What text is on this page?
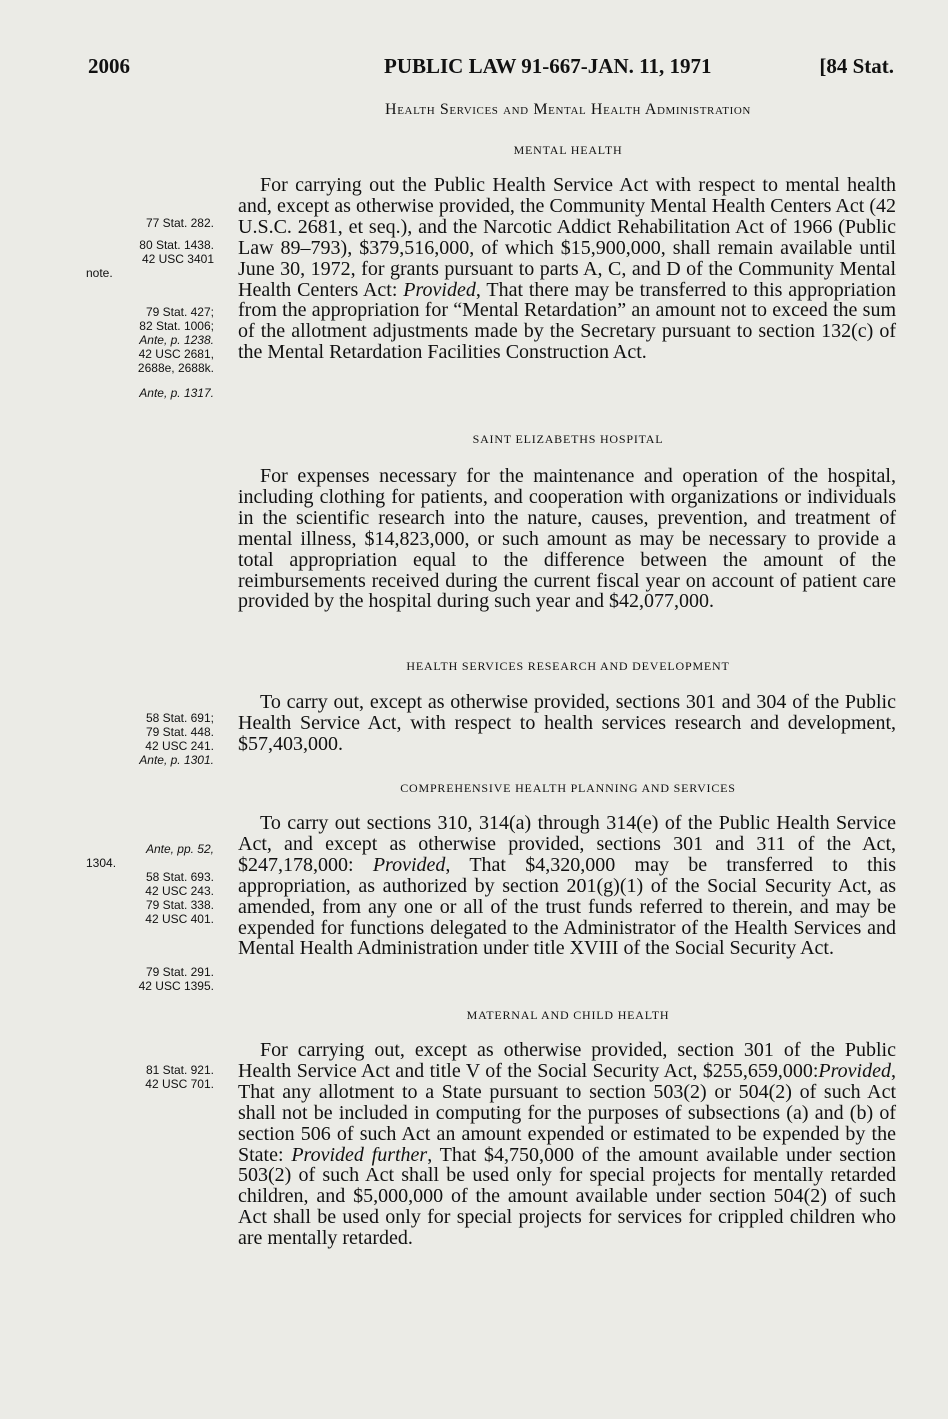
2006	PUBLIC LAW 91-667-JAN. 11, 1971	[84 Stat.
Health Services and Mental Health Administration
MENTAL HEALTH

For carrying out the Public Health Service Act with respect to mental health and, except as otherwise provided, the Community Mental Health Centers Act (42 U.S.C. 2681, et seq.), and the Narcotic Addict Rehabilitation Act of 1966 (Public Law 89–793), $379,516,000, of which $15,900,000, shall remain available until June 30, 1972, for grants pursuant to parts A, C, and D of the Community Mental Health Centers Act: Provided, That there may be transferred to this appropriation from the appropriation for “Mental Retardation” an amount not to exceed the sum of the allotment adjustments made by the Secretary pursuant to section 132(c) of the Mental Retardation Facilities Construction Act.

SAINT ELIZABETHS HOSPITAL

For expenses necessary for the maintenance and operation of the hospital, including clothing for patients, and cooperation with organizations or individuals in the scientific research into the nature, causes, prevention, and treatment of mental illness, $14,823,000, or such amount as may be necessary to provide a total appropriation equal to the difference between the amount of the reimbursements received during the current fiscal year on account of patient care provided by the hospital during such year and $42,077,000.

HEALTH SERVICES RESEARCH AND DEVELOPMENT

To carry out, except as otherwise provided, sections 301 and 304 of the Public Health Service Act, with respect to health services research and development, $57,403,000.

COMPREHENSIVE HEALTH PLANNING AND SERVICES

To carry out sections 310, 314(a) through 314(e) of the Public Health Service Act, and except as otherwise provided, sections 301 and 311 of the Act, $247,178,000: Provided, That $4,320,000 may be transferred to this appropriation, as authorized by section 201(g)(1) of the Social Security Act, as amended, from any one or all of the trust funds referred to therein, and may be expended for functions delegated to the Administrator of the Health Services and Mental Health Administration under title XVIII of the Social Security Act.

MATERNAL AND CHILD HEALTH

For carrying out, except as otherwise provided, section 301 of the Public Health Service Act and title V of the Social Security Act, $255,659,000:Provided, That any allotment to a State pursuant to section 503(2) or 504(2) of such Act shall not be included in computing for the purposes of subsections (a) and (b) of section 506 of such Act an amount expended or estimated to be expended by the State: Provided further, That $4,750,000 of the amount available under section 503(2) of such Act shall be used only for special projects for mentally retarded children, and $5,000,000 of the amount available under section 504(2) of such Act shall be used only for special projects for services for crippled children who are mentally retarded.

77 Stat. 282.
80 Stat. 1438.
42 USC 3401
note.
79 Stat. 427;
82 Stat. 1006;
Ante, p. 1238.
42 USC 2681,
2688e, 2688k.
Ante, p. 1317.
58 Stat. 691;
79 Stat. 448.
42 USC 241.
Ante, p. 1301.
Ante, pp. 52,
1304.
58 Stat. 693.
42 USC 243.
79 Stat. 338.
42 USC 401.
79 Stat. 291.
42 USC 1395.
81 Stat. 921.
42 USC 701.
